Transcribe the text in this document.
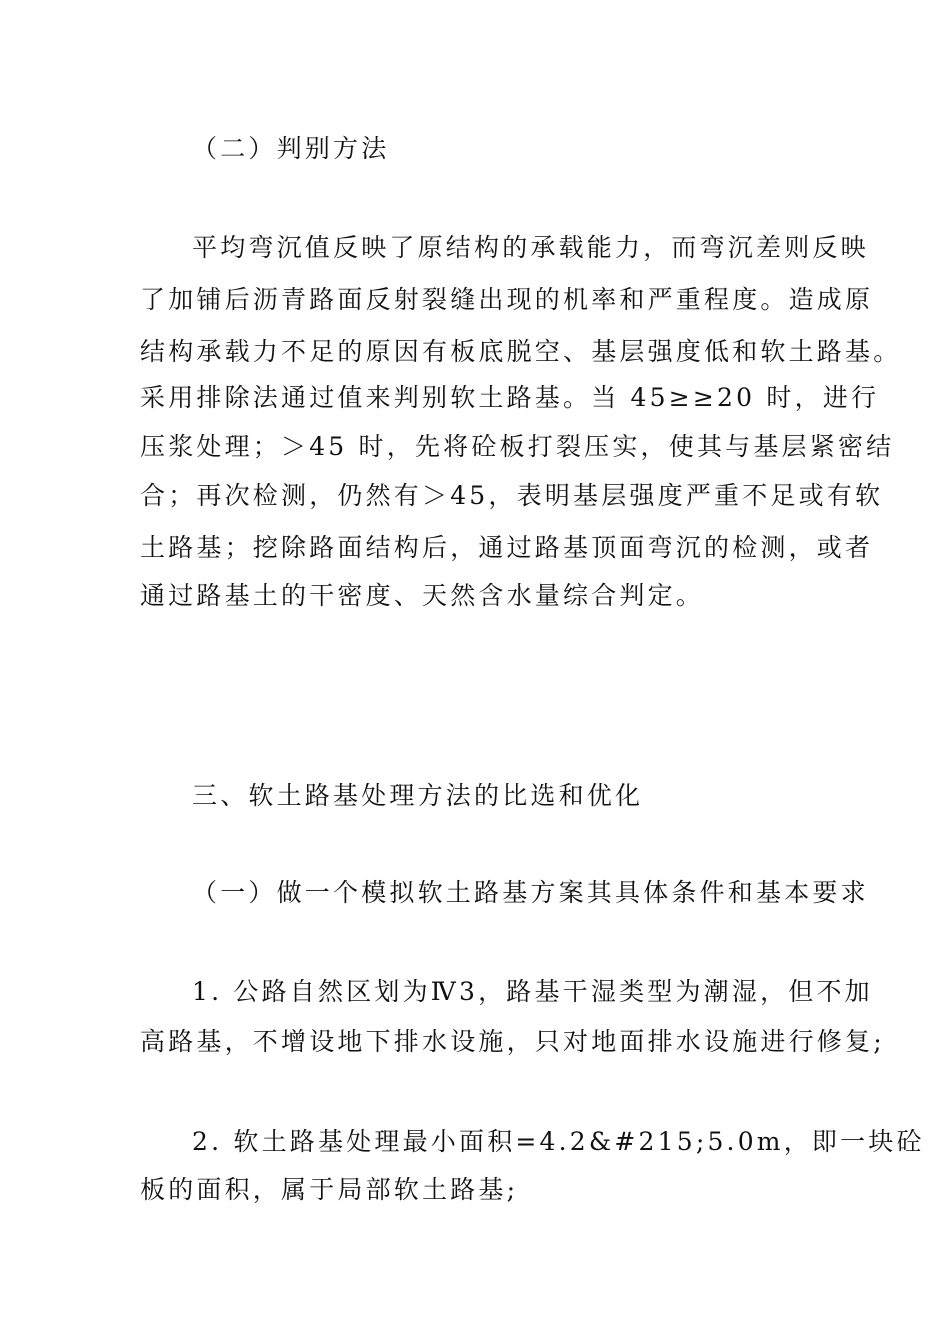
（二）判别方法
平均弯沉值反映了原结构的承载能力，而弯沉差则反映
了加铺后沥青路面反射裂缝出现的机率和严重程度。造成原
结构承载力不足的原因有板底脱空、基层强度低和软土路基。
采用排除法通过值来判别软土路基。当 45≥≥20 时，进行
压浆处理；＞45 时，先将砼板打裂压实，使其与基层紧密结
合；再次检测，仍然有＞45，表明基层强度严重不足或有软
土路基；挖除路面结构后，通过路基顶面弯沉的检测，或者
通过路基土的干密度、天然含水量综合判定。
三、软土路基处理方法的比选和优化
（一）做一个模拟软土路基方案其具体条件和基本要求
1. 公路自然区划为Ⅳ3，路基干湿类型为潮湿，但不加
高路基，不增设地下排水设施，只对地面排水设施进行修复;
2. 软土路基处理最小面积=4.2&#215;5.0m，即一块砼
板的面积，属于局部软土路基;
